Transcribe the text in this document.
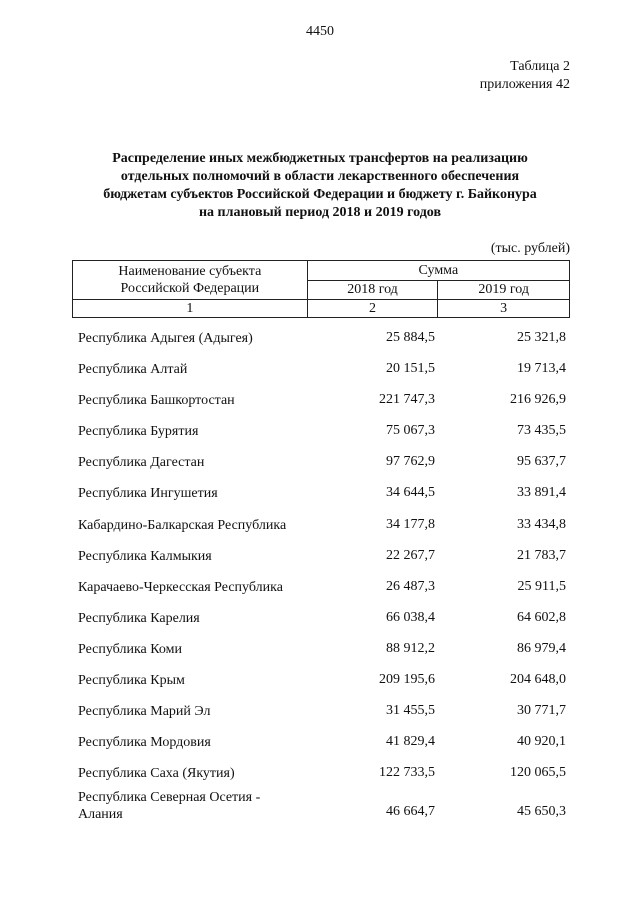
4450
Таблица 2
приложения 42
Распределение иных межбюджетных трансфертов на реализацию
отдельных полномочий в области лекарственного обеспечения
бюджетам субъектов Российской Федерации и бюджету г. Байконура
на плановый период 2018 и 2019 годов
(тыс. рублей)
Наименование субъекта Российской Федерации	Сумма	
	2018 год	2019 год
1	2	3
Республика Адыгея (Адыгея)	25 884,5	25 321,8
Республика Алтай	20 151,5	19 713,4
Республика Башкортостан	221 747,3	216 926,9
Республика Бурятия	75 067,3	73 435,5
Республика Дагестан	97 762,9	95 637,7
Республика Ингушетия	34 644,5	33 891,4
Кабардино-Балкарская Республика	34 177,8	33 434,8
Республика Калмыкия	22 267,7	21 783,7
Карачаево-Черкесская Республика	26 487,3	25 911,5
Республика Карелия	66 038,4	64 602,8
Республика Коми	88 912,2	86 979,4
Республика Крым	209 195,6	204 648,0
Республика Марий Эл	31 455,5	30 771,7
Республика Мордовия	41 829,4	40 920,1
Республика Саха (Якутия)	122 733,5	120 065,5
Республика Северная Осетия - Алания	46 664,7	45 650,3
